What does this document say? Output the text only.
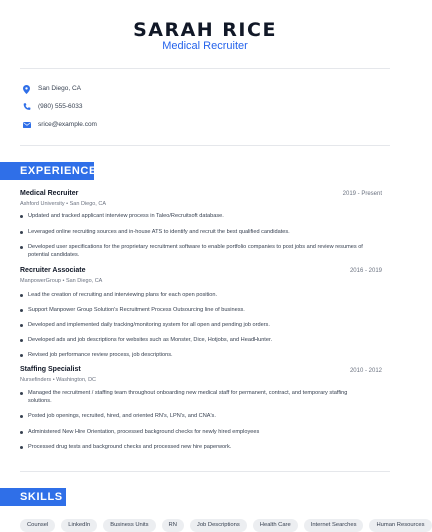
SARAH RICE
Medical Recruiter
San Diego, CA
(980) 555-6033
srice@example.com
EXPERIENCE
Medical Recruiter	2019 - Present
Ashford University • San Diego, CA
Updated and tracked applicant interview process in Taleo/Recruitsoft database.
Leveraged online recruiting sources and in-house ATS to identify and recruit the best qualified candidates.
Developed user specifications for the proprietary recruitment software to enable portfolio companies to post jobs and review resumes of potential candidates.
Recruiter Associate	2016 - 2019
ManpowerGroup • San Diego, CA
Lead the creation of recruiting and interviewing plans for each open position.
Support Manpower Group Solution's Recruitment Process Outsourcing line of business.
Developed and implemented daily tracking/monitoring system for all open and pending job orders.
Developed ads and job descriptions for websites such as Monster, Dice, Hotjobs, and HeadHunter.
Revised job performance review process, job descriptions.
Staffing Specialist	2010 - 2012
Nursefinders • Washington, DC
Managed the recruitment / staffing team throughout onboarding new medical staff for permanent, contract, and temporary staffing solutions.
Posted job openings, recruited, hired, and oriented RN's, LPN's, and CNA's.
Administered New Hire Orientation, processed background checks for newly hired employees
Processed drug tests and background checks and processed new hire paperwork.
SKILLS
Counsel	LinkedIn	Business Units	RN	Job Descriptions	Health Care	Internet Searches	Human Resources
